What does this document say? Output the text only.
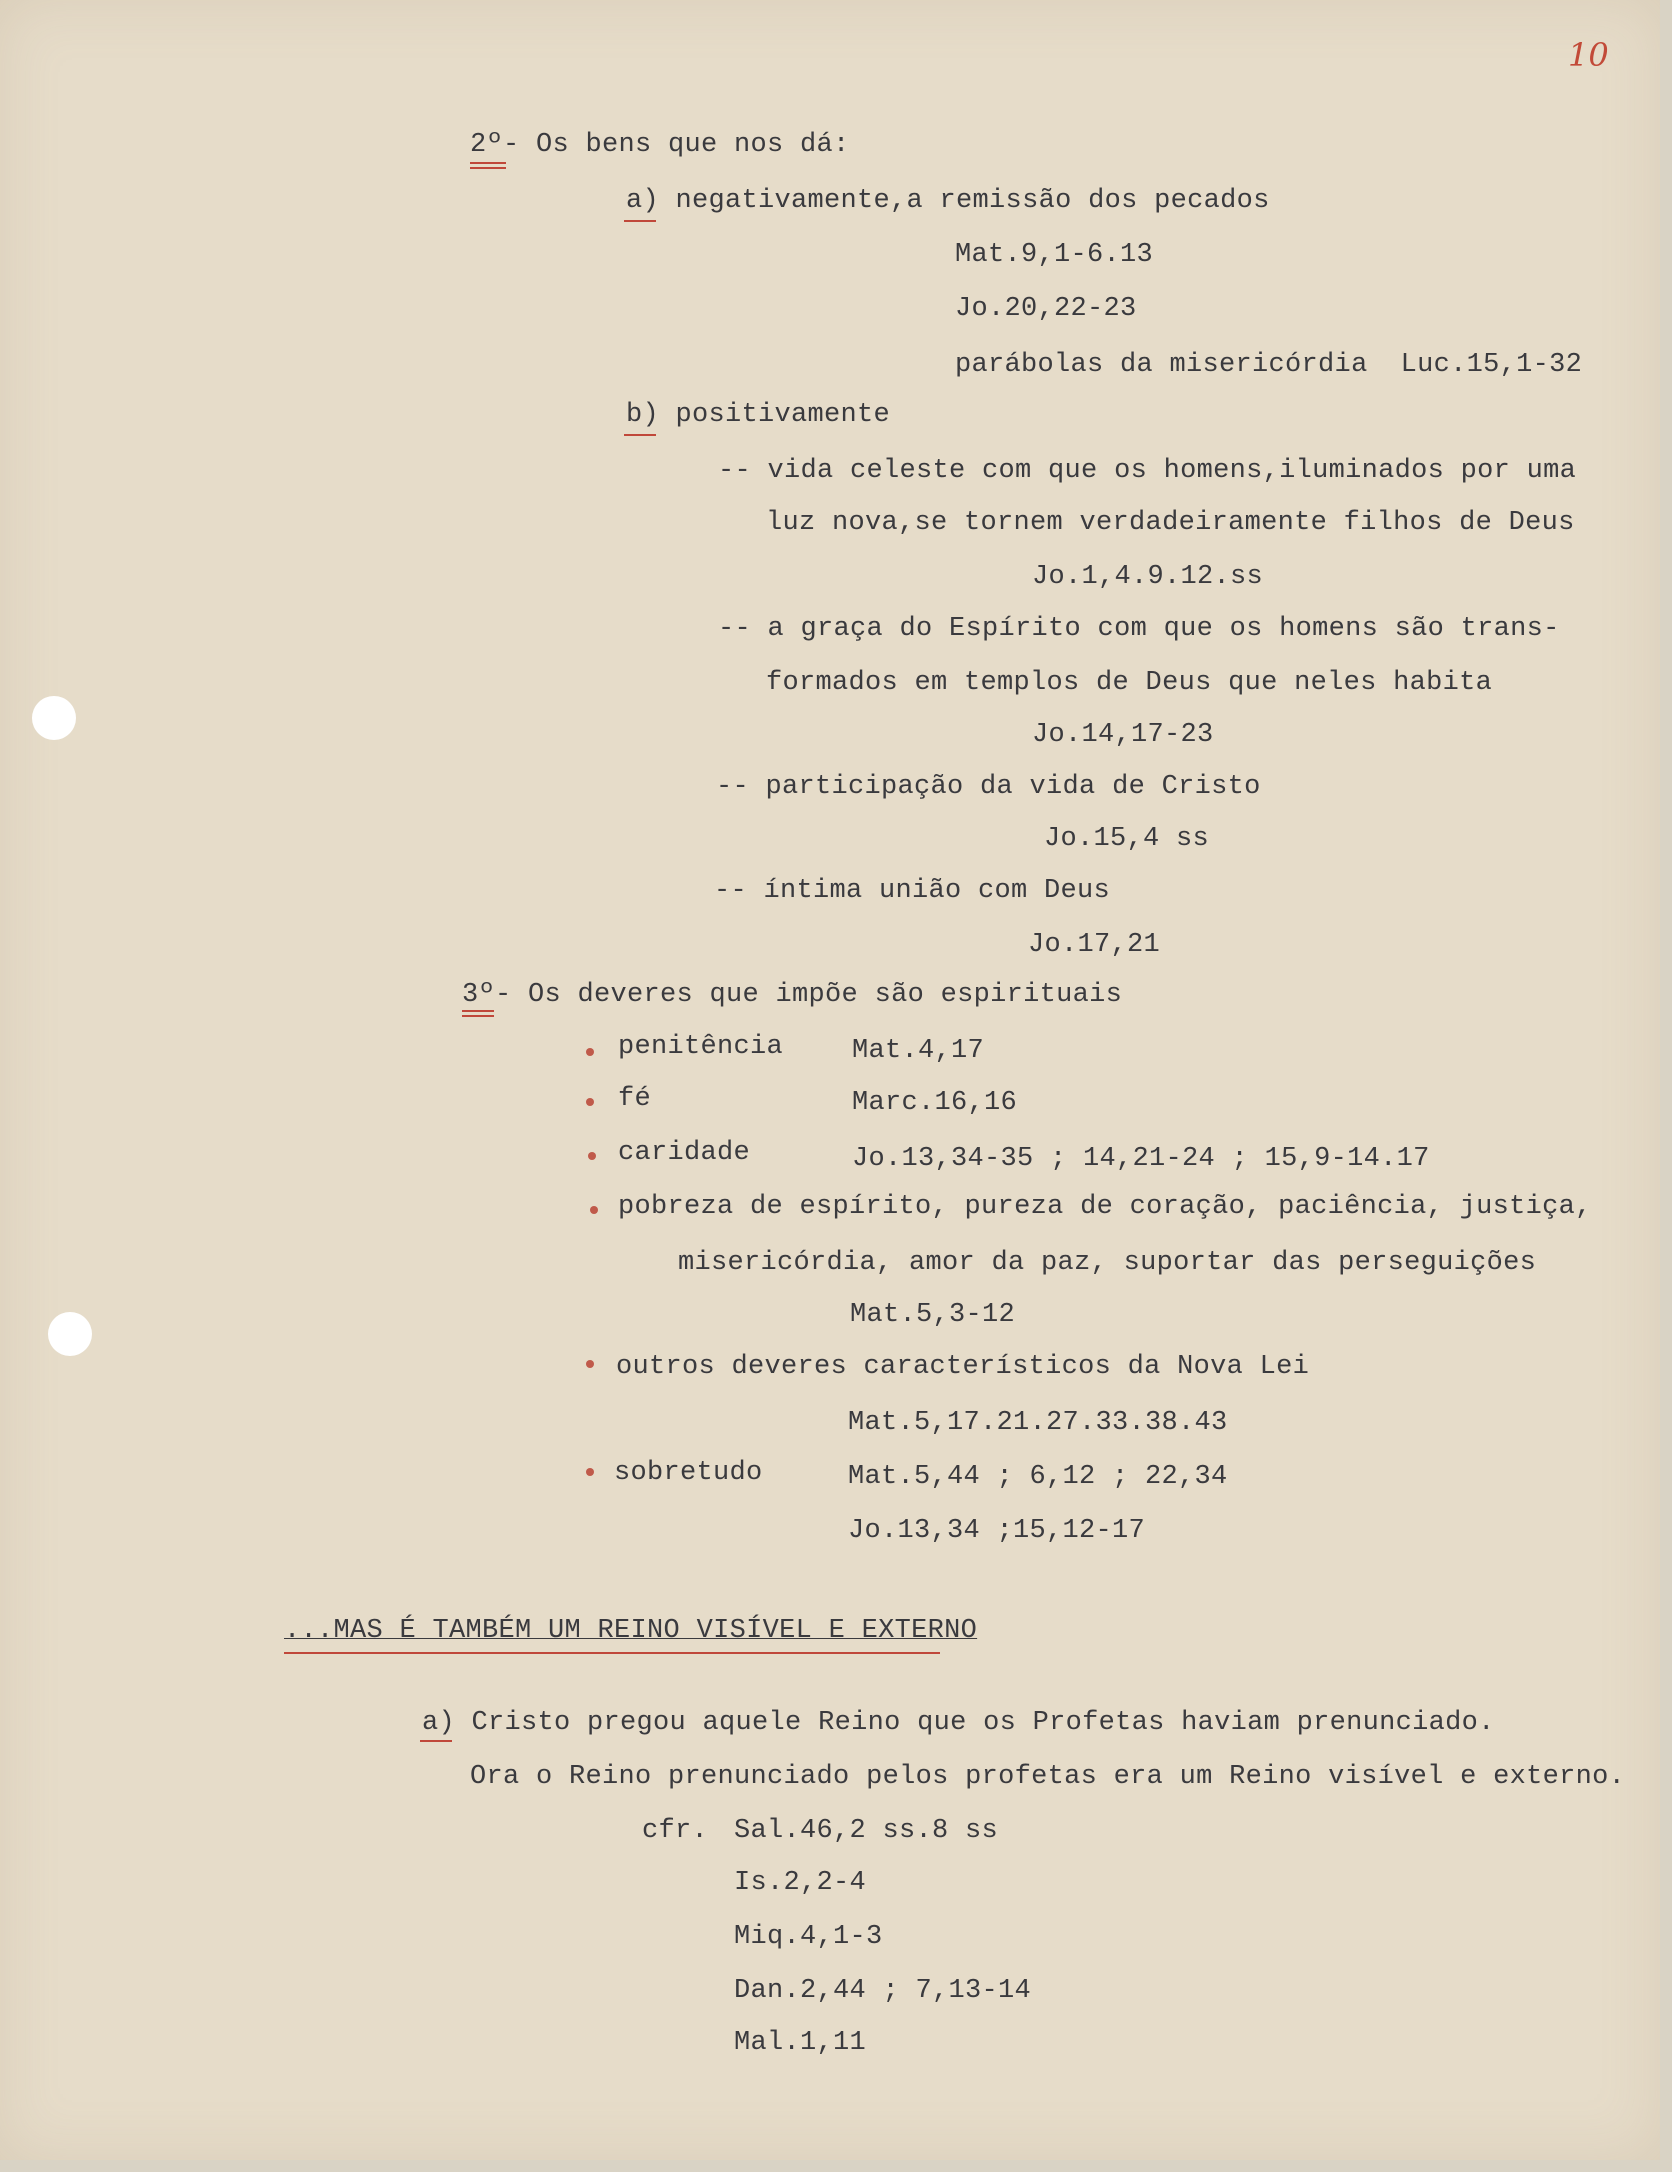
10
2º- Os bens que nos dá:
a) negativamente,a remissão dos pecados
Mat.9,1-6.13
Jo.20,22-23
parábolas da misericórdia  Luc.15,1-32
b) positivamente
-- vida celeste com que os homens,iluminados por uma
luz nova,se tornem verdadeiramente filhos de Deus
Jo.1,4.9.12.ss
-- a graça do Espírito com que os homens são trans-
formados em templos de Deus que neles habita
Jo.14,17-23
-- participação da vida de Cristo
Jo.15,4 ss
-- íntima união com Deus
Jo.17,21
3º- Os deveres que impõe são espirituais
penitência	Mat.4,17
fé	Marc.16,16
caridade	Jo.13,34-35 ; 14,21-24 ; 15,9-14.17
pobreza de espírito, pureza de coração, paciência, justiça,
misericórdia, amor da paz, suportar das perseguições
Mat.5,3-12
outros deveres característicos da Nova Lei
Mat.5,17.21.27.33.38.43
sobretudo	Mat.5,44 ; 6,12 ; 22,34
Jo.13,34 ;15,12-17
...MAS É TAMBÉM UM REINO VISÍVEL E EXTERNO
a) Cristo pregou aquele Reino que os Profetas haviam prenunciado.
Ora o Reino prenunciado pelos profetas era um Reino visível e externo.
cfr. Sal.46,2 ss.8 ss
Is.2,2-4
Miq.4,1-3
Dan.2,44 ; 7,13-14
Mal.1,11
